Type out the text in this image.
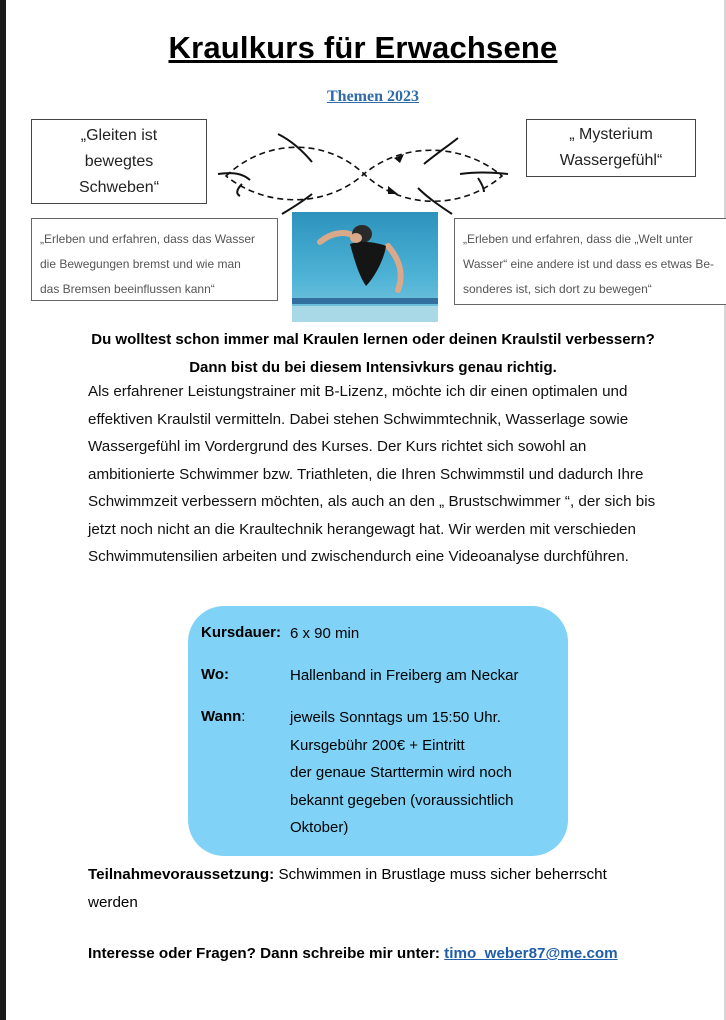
Kraulkurs für Erwachsene
Themen 2023
„Gleiten ist
bewegtes
Schweben“
„ Mysterium
Wassergefühl“
„Erleben und erfahren, dass das Wasser
die Bewegungen bremst und wie man
das Bremsen beeinflussen kann“
„Erleben und erfahren, dass die „Welt unter
Wasser“ eine andere ist und dass es etwas Be-
sonderes ist, sich dort zu bewegen“
Du wolltest schon immer mal Kraulen lernen oder deinen Kraulstil verbessern?
Dann bist du bei diesem Intensivkurs genau richtig.
Als erfahrener Leistungstrainer mit B-Lizenz, möchte ich dir einen optimalen und effektiven Kraulstil vermitteln. Dabei stehen Schwimmtechnik, Wasserlage sowie Wassergefühl im Vordergrund des Kurses. Der Kurs richtet sich sowohl an ambitionierte Schwimmer bzw. Triathleten, die Ihren Schwimmstil und dadurch Ihre Schwimmzeit verbessern möchten, als auch an den „ Brustschwimmer “, der sich bis jetzt noch nicht an die Kraultechnik herangewagt hat. Wir werden mit verschieden Schwimmutensilien arbeiten und zwischendurch eine Videoanalyse durchführen.
Kursdauer: 6 x 90 min
Wo:	Hallenband in Freiberg am Neckar
Wann:	jeweils Sonntags um 15:50 Uhr.
Kursgebühr 200€ + Eintritt
der genaue Starttermin wird noch
bekannt gegeben (voraussichtlich
Oktober)
Teilnahmevoraussetzung: Schwimmen in Brustlage muss sicher beherrscht werden
Interesse oder Fragen? Dann schreibe mir unter: timo_weber87@me.com
